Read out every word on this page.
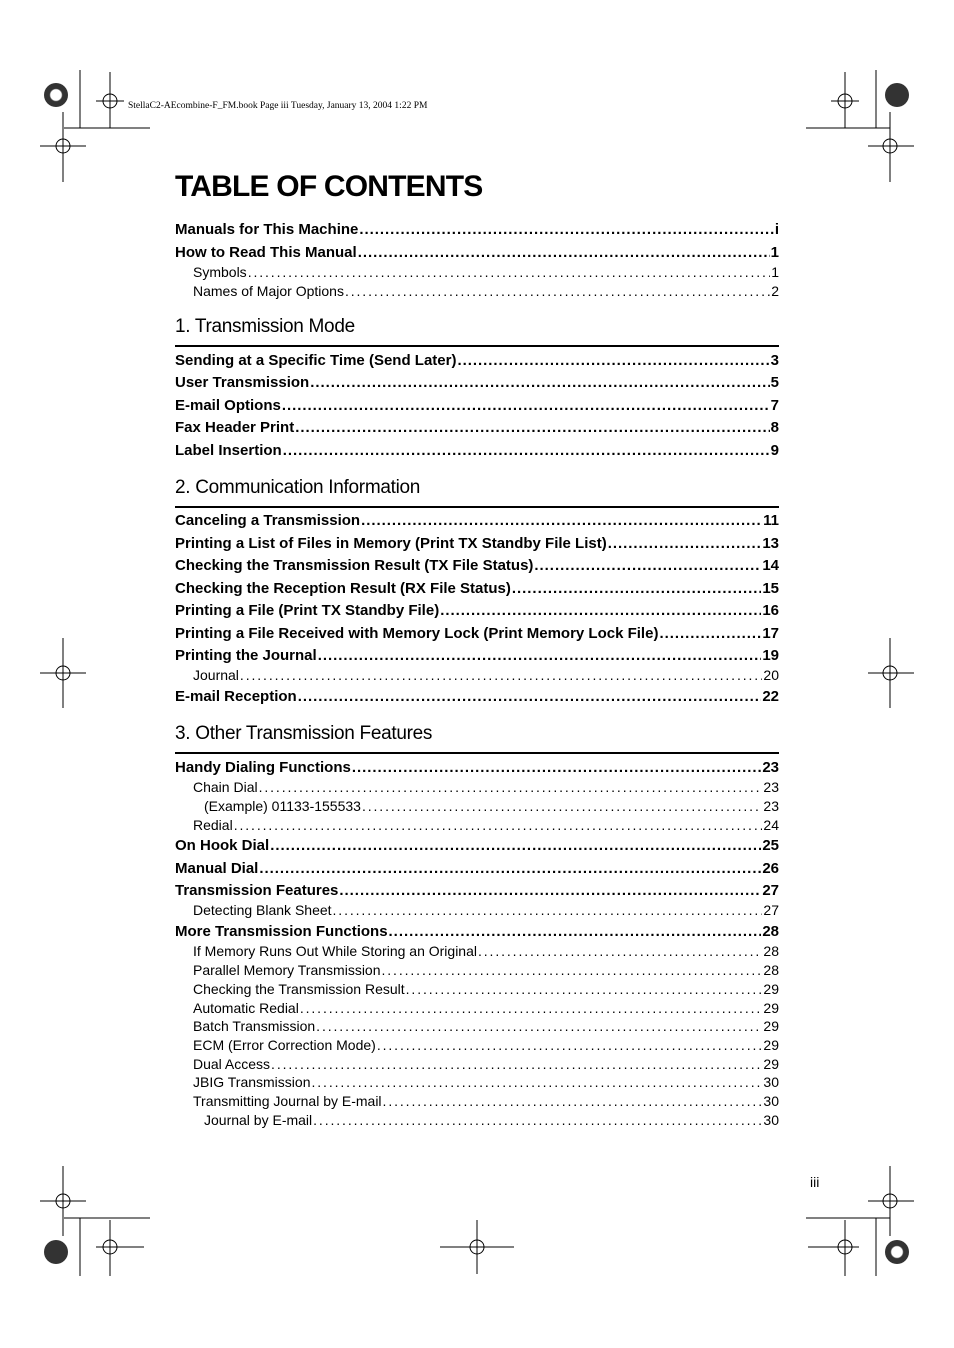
StellaC2-AEcombine-F_FM.book Page iii Tuesday, January 13, 2004 1:22 PM
TABLE OF CONTENTS
Manuals for This Machine . . .	i
How to Read This Manual . . .	1
Symbols . . .	1
Names of Major Options . . .	2
Sending at a Specific Time (Send Later) . . .	3
User Transmission . . .	5
E-mail Options . . .	7
Fax Header Print . . .	8
Label Insertion . . .	9
Canceling a Transmission . . .	11
Printing a List of Files in Memory (Print TX Standby File List) . . .	13
Checking the Transmission Result (TX File Status) . . .	14
Checking the Reception Result (RX File Status) . . .	15
Printing a File (Print TX Standby File) . . .	16
Printing a File Received with Memory Lock (Print Memory Lock File) . . .	17
Printing the Journal . . .	19
Journal . . .	20
E-mail Reception . . .	22
Handy Dialing Functions . . .	23
Chain Dial . . .	23
(Example) 01133-155533 . . .	23
Redial . . .	24
On Hook Dial . . .	25
Manual Dial . . .	26
Transmission Features . . .	27
Detecting Blank Sheet . . .	27
More Transmission Functions . . .	28
If Memory Runs Out While Storing an Original . . .	28
Parallel Memory Transmission . . .	28
Checking the Transmission Result . . .	29
Automatic Redial . . .	29
Batch Transmission . . .	29
ECM (Error Correction Mode) . . .	29
Dual Access . . .	29
JBIG Transmission . . .	30
Transmitting Journal by E-mail . . .	30
Journal by E-mail . . .	30
1. Transmission Mode
2. Communication Information
3. Other Transmission Features
iii
